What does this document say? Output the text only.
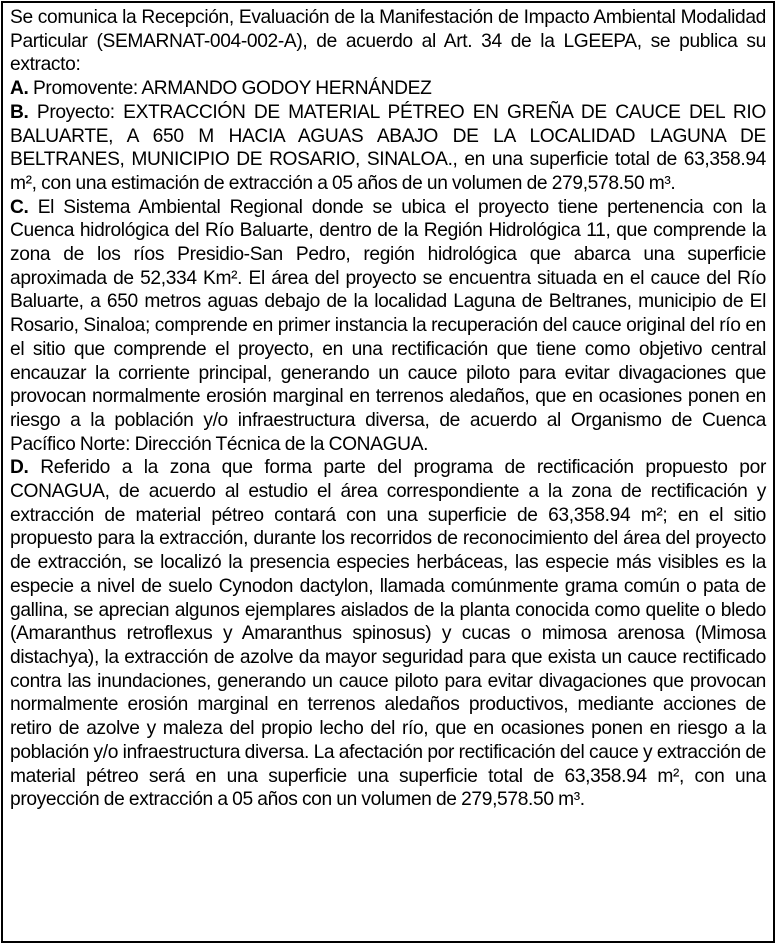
Se comunica la Recepción, Evaluación de la Manifestación de Impacto Ambiental Modalidad Particular (SEMARNAT-004-002-A), de acuerdo al Art. 34 de la LGEEPA, se publica su extracto:

A. Promovente: ARMANDO GODOY HERNÁNDEZ

B. Proyecto: EXTRACCIÓN DE MATERIAL PÉTREO EN GREÑA DE CAUCE DEL RIO BALUARTE, A 650 M HACIA AGUAS ABAJO DE LA LOCALIDAD LAGUNA DE BELTRANES, MUNICIPIO DE ROSARIO, SINALOA., en una superficie total de 63,358.94 m², con una estimación de extracción a 05 años de un volumen de 279,578.50 m³.

C. El Sistema Ambiental Regional donde se ubica el proyecto tiene pertenencia con la Cuenca hidrológica del Río Baluarte, dentro de la Región Hidrológica 11, que comprende la zona de los ríos Presidio-San Pedro, región hidrológica que abarca una superficie aproximada de 52,334 Km². El área del proyecto se encuentra situada en el cauce del Río Baluarte, a 650 metros aguas debajo de la localidad Laguna de Beltranes, municipio de El Rosario, Sinaloa; comprende en primer instancia la recuperación del cauce original del río en el sitio que comprende el proyecto, en una rectificación que tiene como objetivo central encauzar la corriente principal, generando un cauce piloto para evitar divagaciones que provocan normalmente erosión marginal en terrenos aledaños, que en ocasiones ponen en riesgo a la población y/o infraestructura diversa, de acuerdo al Organismo de Cuenca Pacífico Norte: Dirección Técnica de la CONAGUA.

D. Referido a la zona que forma parte del programa de rectificación propuesto por CONAGUA, de acuerdo al estudio el área correspondiente a la zona de rectificación y extracción de material pétreo contará con una superficie de 63,358.94 m²; en el sitio propuesto para la extracción, durante los recorridos de reconocimiento del área del proyecto de extracción, se localizó la presencia especies herbáceas, las especie más visibles es la especie a nivel de suelo Cynodon dactylon, llamada comúnmente grama común o pata de gallina, se aprecian algunos ejemplares aislados de la planta conocida como quelite o bledo (Amaranthus retroflexus y Amaranthus spinosus) y cucas o mimosa arenosa (Mimosa distachya), la extracción de azolve da mayor seguridad para que exista un cauce rectificado contra las inundaciones, generando un cauce piloto para evitar divagaciones que provocan normalmente erosión marginal en terrenos aledaños productivos, mediante acciones de retiro de azolve y maleza del propio lecho del río, que en ocasiones ponen en riesgo a la población y/o infraestructura diversa. La afectación por rectificación del cauce y extracción de material pétreo será en una superficie una superficie total de 63,358.94 m², con una proyección de extracción a 05 años con un volumen de 279,578.50 m³.
